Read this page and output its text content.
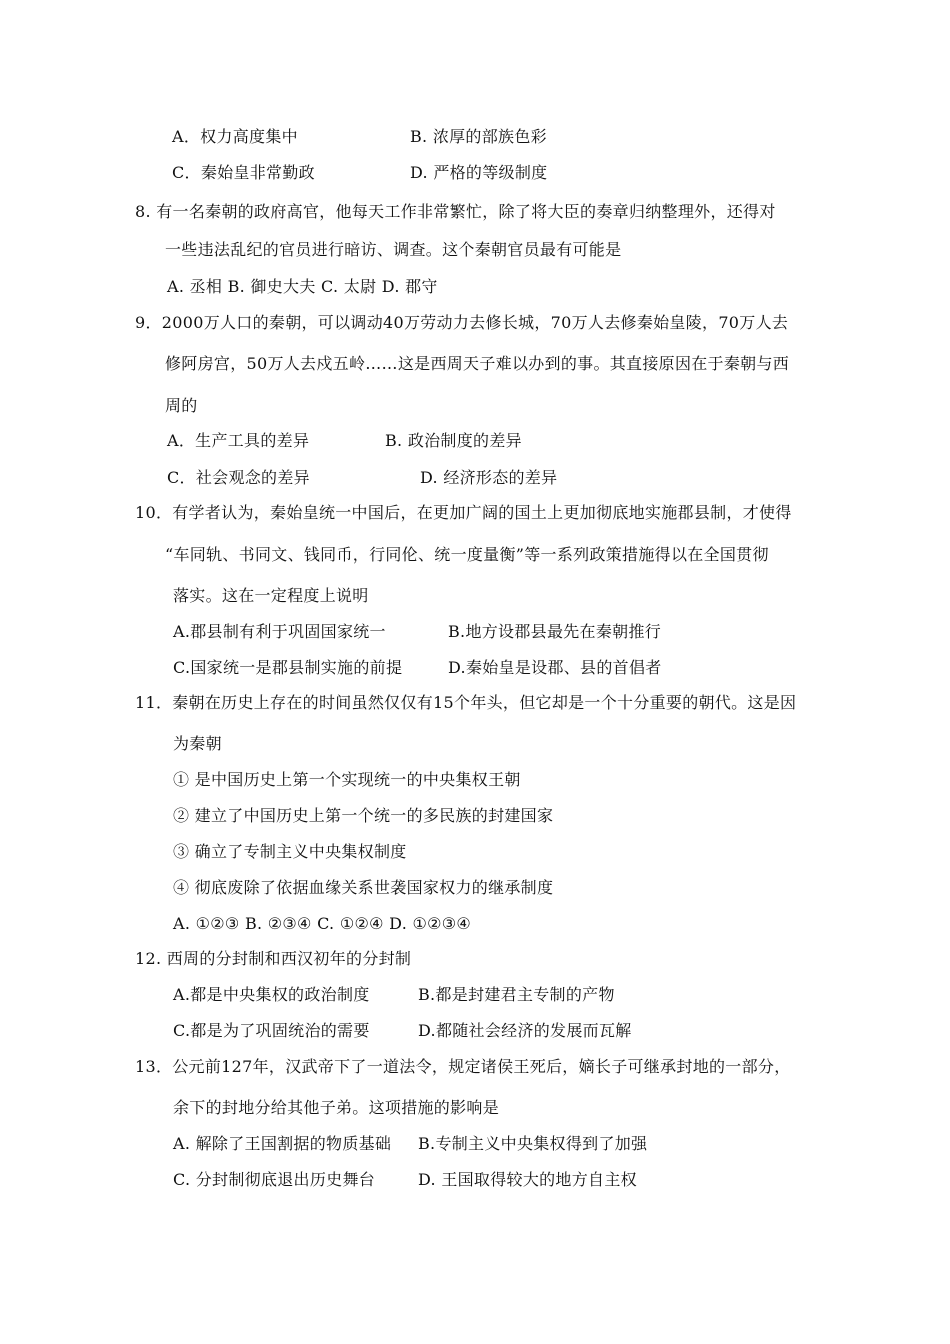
A．权力高度集中	B. 浓厚的部族色彩
C．秦始皇非常勤政	D. 严格的等级制度
8. 有一名秦朝的政府高官，他每天工作非常繁忙，除了将大臣的奏章归纳整理外，还得对
一些违法乱纪的官员进行暗访、调查。这个秦朝官员最有可能是
A. 丞相 B. 御史大夫 C. 太尉 D. 郡守
9．2000万人口的秦朝，可以调动40万劳动力去修长城，70万人去修秦始皇陵，70万人去
修阿房宫，50万人去戍五岭……这是西周天子难以办到的事。其直接原因在于秦朝与西
周的
A．生产工具的差异	B. 政治制度的差异
C．社会观念的差异	D. 经济形态的差异
10．有学者认为，秦始皇统一中国后，在更加广阔的国土上更加彻底地实施郡县制，才使得
“车同轨、书同文、钱同币，行同伦、统一度量衡”等一系列政策措施得以在全国贯彻
落实。这在一定程度上说明
A.郡县制有利于巩固国家统一	B.地方设郡县最先在秦朝推行
C.国家统一是郡县制实施的前提	D.秦始皇是设郡、县的首倡者
11．秦朝在历史上存在的时间虽然仅仅有15个年头，但它却是一个十分重要的朝代。这是因
为秦朝
① 是中国历史上第一个实现统一的中央集权王朝
② 建立了中国历史上第一个统一的多民族的封建国家
③ 确立了专制主义中央集权制度
④ 彻底废除了依据血缘关系世袭国家权力的继承制度
A. ①②③ B. ②③④ C. ①②④ D. ①②③④
12. 西周的分封制和西汉初年的分封制
A.都是中央集权的政治制度	B.都是封建君主专制的产物
C.都是为了巩固统治的需要	D.都随社会经济的发展而瓦解
13．公元前127年，汉武帝下了一道法令，规定诸侯王死后，嫡长子可继承封地的一部分，
余下的封地分给其他子弟。这项措施的影响是
A. 解除了王国割据的物质基础 B.专制主义中央集权得到了加强
C. 分封制彻底退出历史舞台	D. 王国取得较大的地方自主权
